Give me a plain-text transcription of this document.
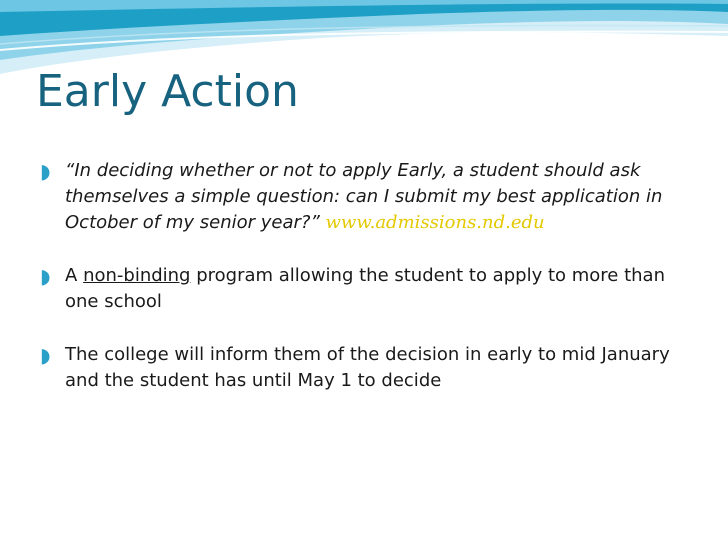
Early Action
◗ “In deciding whether or not to apply Early, a student should ask themselves a simple question: can I submit my best application in October of my senior year?” www.admissions.nd.edu
◗ A non-binding program allowing the student to apply to more than one school
◗ The college will inform them of the decision in early to mid January and the student has until May 1 to decide
